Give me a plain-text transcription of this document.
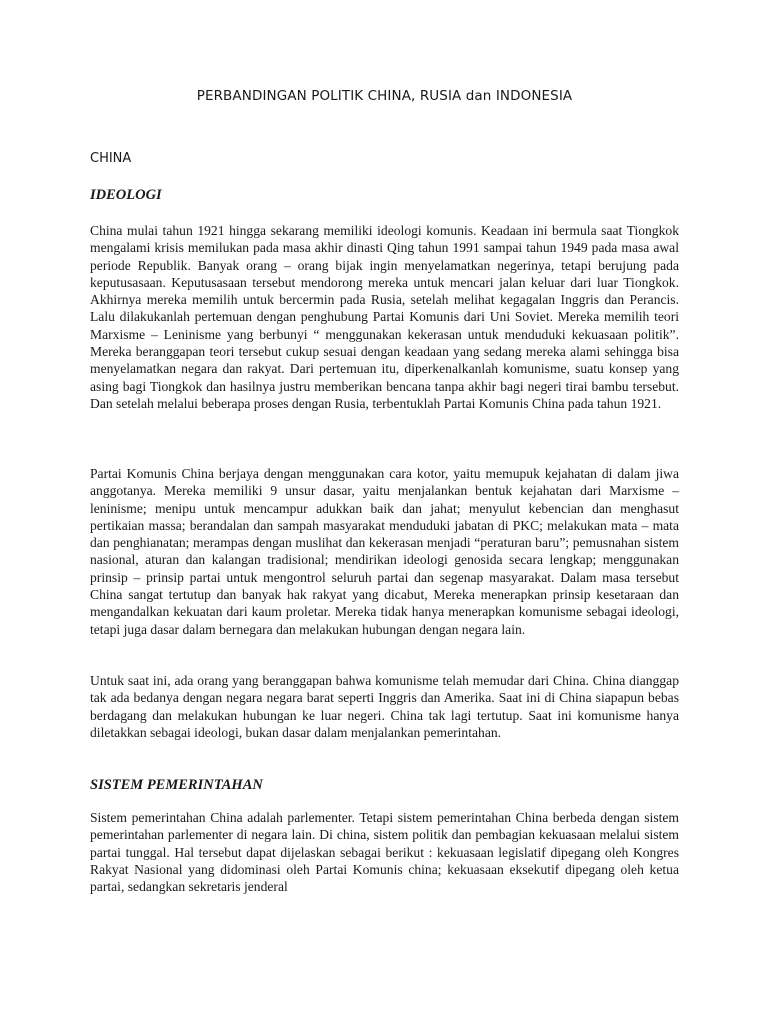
PERBANDINGAN POLITIK CHINA, RUSIA dan INDONESIA
CHINA
IDEOLOGI

China mulai tahun 1921 hingga sekarang memiliki ideologi komunis. Keadaan ini bermula saat Tiongkok mengalami krisis memilukan pada masa akhir dinasti Qing tahun 1991 sampai tahun 1949 pada masa awal periode Republik. Banyak orang – orang bijak ingin menyelamatkan negerinya, tetapi berujung pada keputusasaan. Keputusasaan tersebut mendorong mereka untuk mencari jalan keluar dari luar Tiongkok. Akhirnya mereka memilih untuk bercermin pada Rusia, setelah melihat kegagalan Inggris dan Perancis. Lalu dilakukanlah pertemuan dengan penghubung Partai Komunis dari Uni Soviet. Mereka memilih teori Marxisme – Leninisme yang berbunyi “ menggunakan kekerasan untuk menduduki kekuasaan politik”. Mereka beranggapan teori tersebut cukup sesuai dengan keadaan yang sedang mereka alami sehingga bisa menyelamatkan negara dan rakyat. Dari pertemuan itu, diperkenalkanlah komunisme, suatu konsep yang asing bagi Tiongkok dan hasilnya justru memberikan bencana tanpa akhir bagi negeri tirai bambu tersebut. Dan setelah melalui beberapa proses dengan Rusia, terbentuklah Partai Komunis China pada tahun 1921.

Partai Komunis China berjaya dengan menggunakan cara kotor, yaitu memupuk kejahatan di dalam jiwa anggotanya. Mereka memiliki 9 unsur dasar, yaitu menjalankan bentuk kejahatan dari Marxisme – leninisme; menipu untuk mencampur adukkan baik dan jahat; menyulut kebencian dan menghasut pertikaian massa; berandalan dan sampah masyarakat menduduki jabatan di PKC; melakukan mata – mata dan penghianatan; merampas dengan muslihat dan kekerasan menjadi “peraturan baru”; pemusnahan sistem nasional, aturan dan kalangan tradisional; mendirikan ideologi genosida secara lengkap; menggunakan prinsip – prinsip partai untuk mengontrol seluruh partai dan segenap masyarakat. Dalam masa tersebut China sangat tertutup dan banyak hak rakyat yang dicabut, Mereka menerapkan prinsip kesetaraan dan mengandalkan kekuatan dari kaum proletar. Mereka tidak hanya menerapkan komunisme sebagai ideologi, tetapi juga dasar dalam bernegara dan melakukan hubungan dengan negara lain.

Untuk saat ini, ada orang yang beranggapan bahwa komunisme telah memudar dari China. China dianggap tak ada bedanya dengan negara negara barat seperti Inggris dan Amerika. Saat ini di China siapapun bebas berdagang dan melakukan hubungan ke luar negeri. China tak lagi tertutup. Saat ini komunisme hanya diletakkan sebagai ideologi, bukan dasar dalam menjalankan pemerintahan.

SISTEM PEMERINTAHAN

Sistem pemerintahan China adalah parlementer. Tetapi sistem pemerintahan China berbeda dengan sistem pemerintahan parlementer di negara lain. Di china, sistem politik dan pembagian kekuasaan melalui sistem partai tunggal. Hal tersebut dapat dijelaskan sebagai berikut : kekuasaan legislatif dipegang oleh Kongres Rakyat Nasional yang didominasi oleh Partai Komunis china; kekuasaan eksekutif dipegang oleh ketua partai, sedangkan sekretaris jenderal
